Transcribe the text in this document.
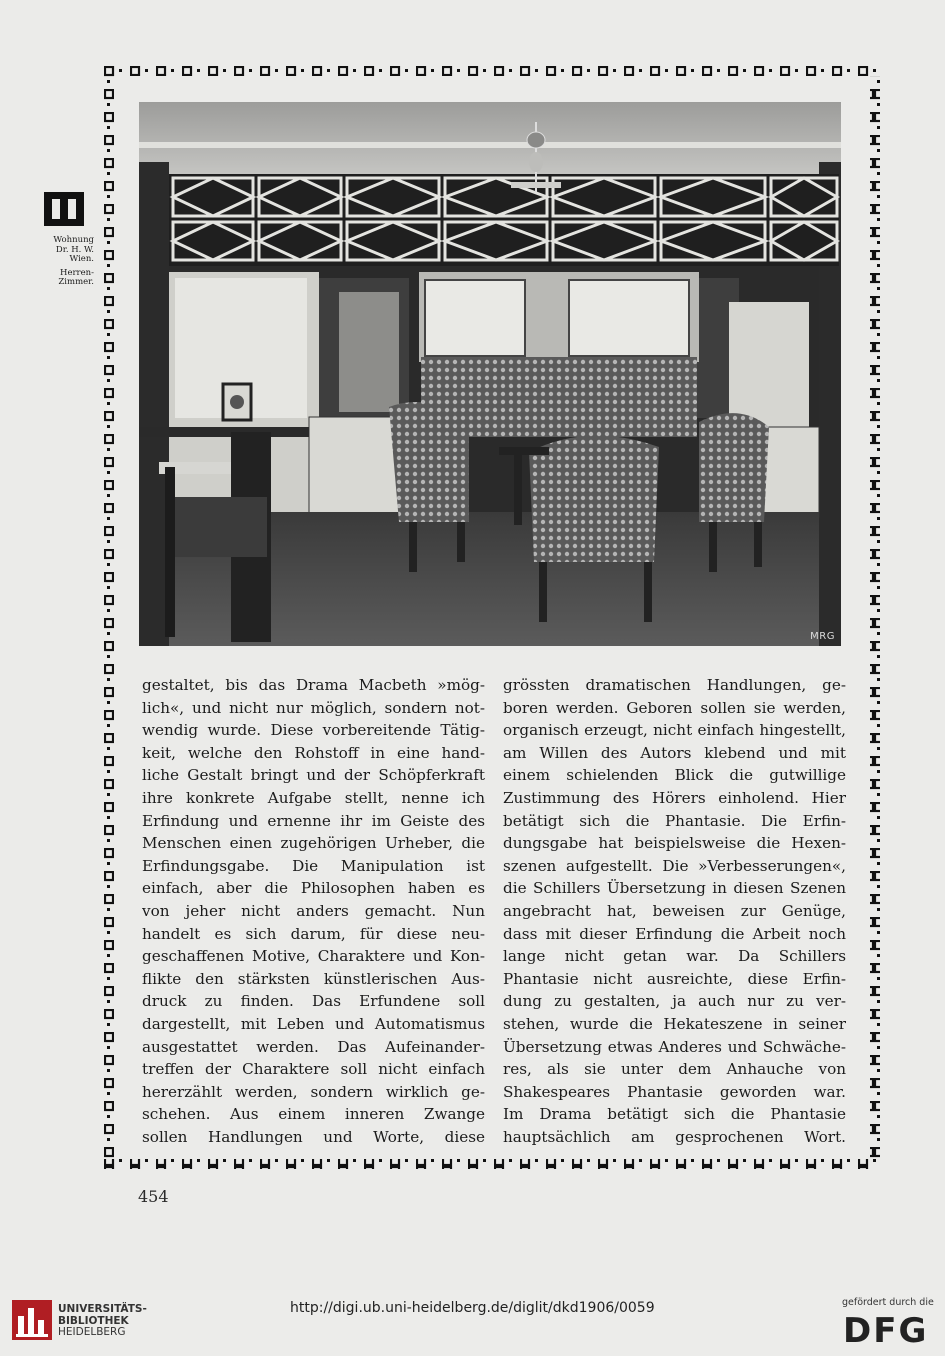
Wohnung
Dr. H. W.
Wien.
Herren-
Zimmer.
MRG
gestaltet, bis das Drama Macbeth »mög-
lich«, und nicht nur möglich, sondern not-
wendig wurde. Diese vorbereitende Tätig-
keit, welche den Rohstoff in eine hand-
liche Gestalt bringt und der Schöpferkraft
ihre konkrete Aufgabe stellt, nenne ich
Erfindung und ernenne ihr im Geiste des
Menschen einen zugehörigen Urheber, die
Erfindungsgabe. Die Manipulation ist
einfach, aber die Philosophen haben es
von jeher nicht anders gemacht. Nun
handelt es sich darum, für diese neu-
geschaffenen Motive, Charaktere und Kon-
flikte den stärksten künstlerischen Aus-
druck zu finden. Das Erfundene soll
dargestellt, mit Leben und Automatismus
ausgestattet werden. Das Aufeinander-
treffen der Charaktere soll nicht einfach
hererzählt werden, sondern wirklich ge-
schehen. Aus einem inneren Zwange
sollen Handlungen und Worte, diese
grössten dramatischen Handlungen, ge-
boren werden. Geboren sollen sie werden,
organisch erzeugt, nicht einfach hingestellt,
am Willen des Autors klebend und mit
einem schielenden Blick die gutwillige
Zustimmung des Hörers einholend. Hier
betätigt sich die Phantasie. Die Erfin-
dungsgabe hat beispielsweise die Hexen-
szenen aufgestellt. Die »Verbesserungen«,
die Schillers Übersetzung in diesen Szenen
angebracht hat, beweisen zur Genüge,
dass mit dieser Erfindung die Arbeit noch
lange nicht getan war. Da Schillers
Phantasie nicht ausreichte, diese Erfin-
dung zu gestalten, ja auch nur zu ver-
stehen, wurde die Hekateszene in seiner
Übersetzung etwas Anderes und Schwäche-
res, als sie unter dem Anhauche von
Shakespeares Phantasie geworden war.
Im Drama betätigt sich die Phantasie
hauptsächlich am gesprochenen Wort.
454
UNIVERSITÄTS-
BIBLIOTHEK
HEIDELBERG
http://digi.ub.uni-heidelberg.de/diglit/dkd1906/0059	gefördert durch die
DFG
